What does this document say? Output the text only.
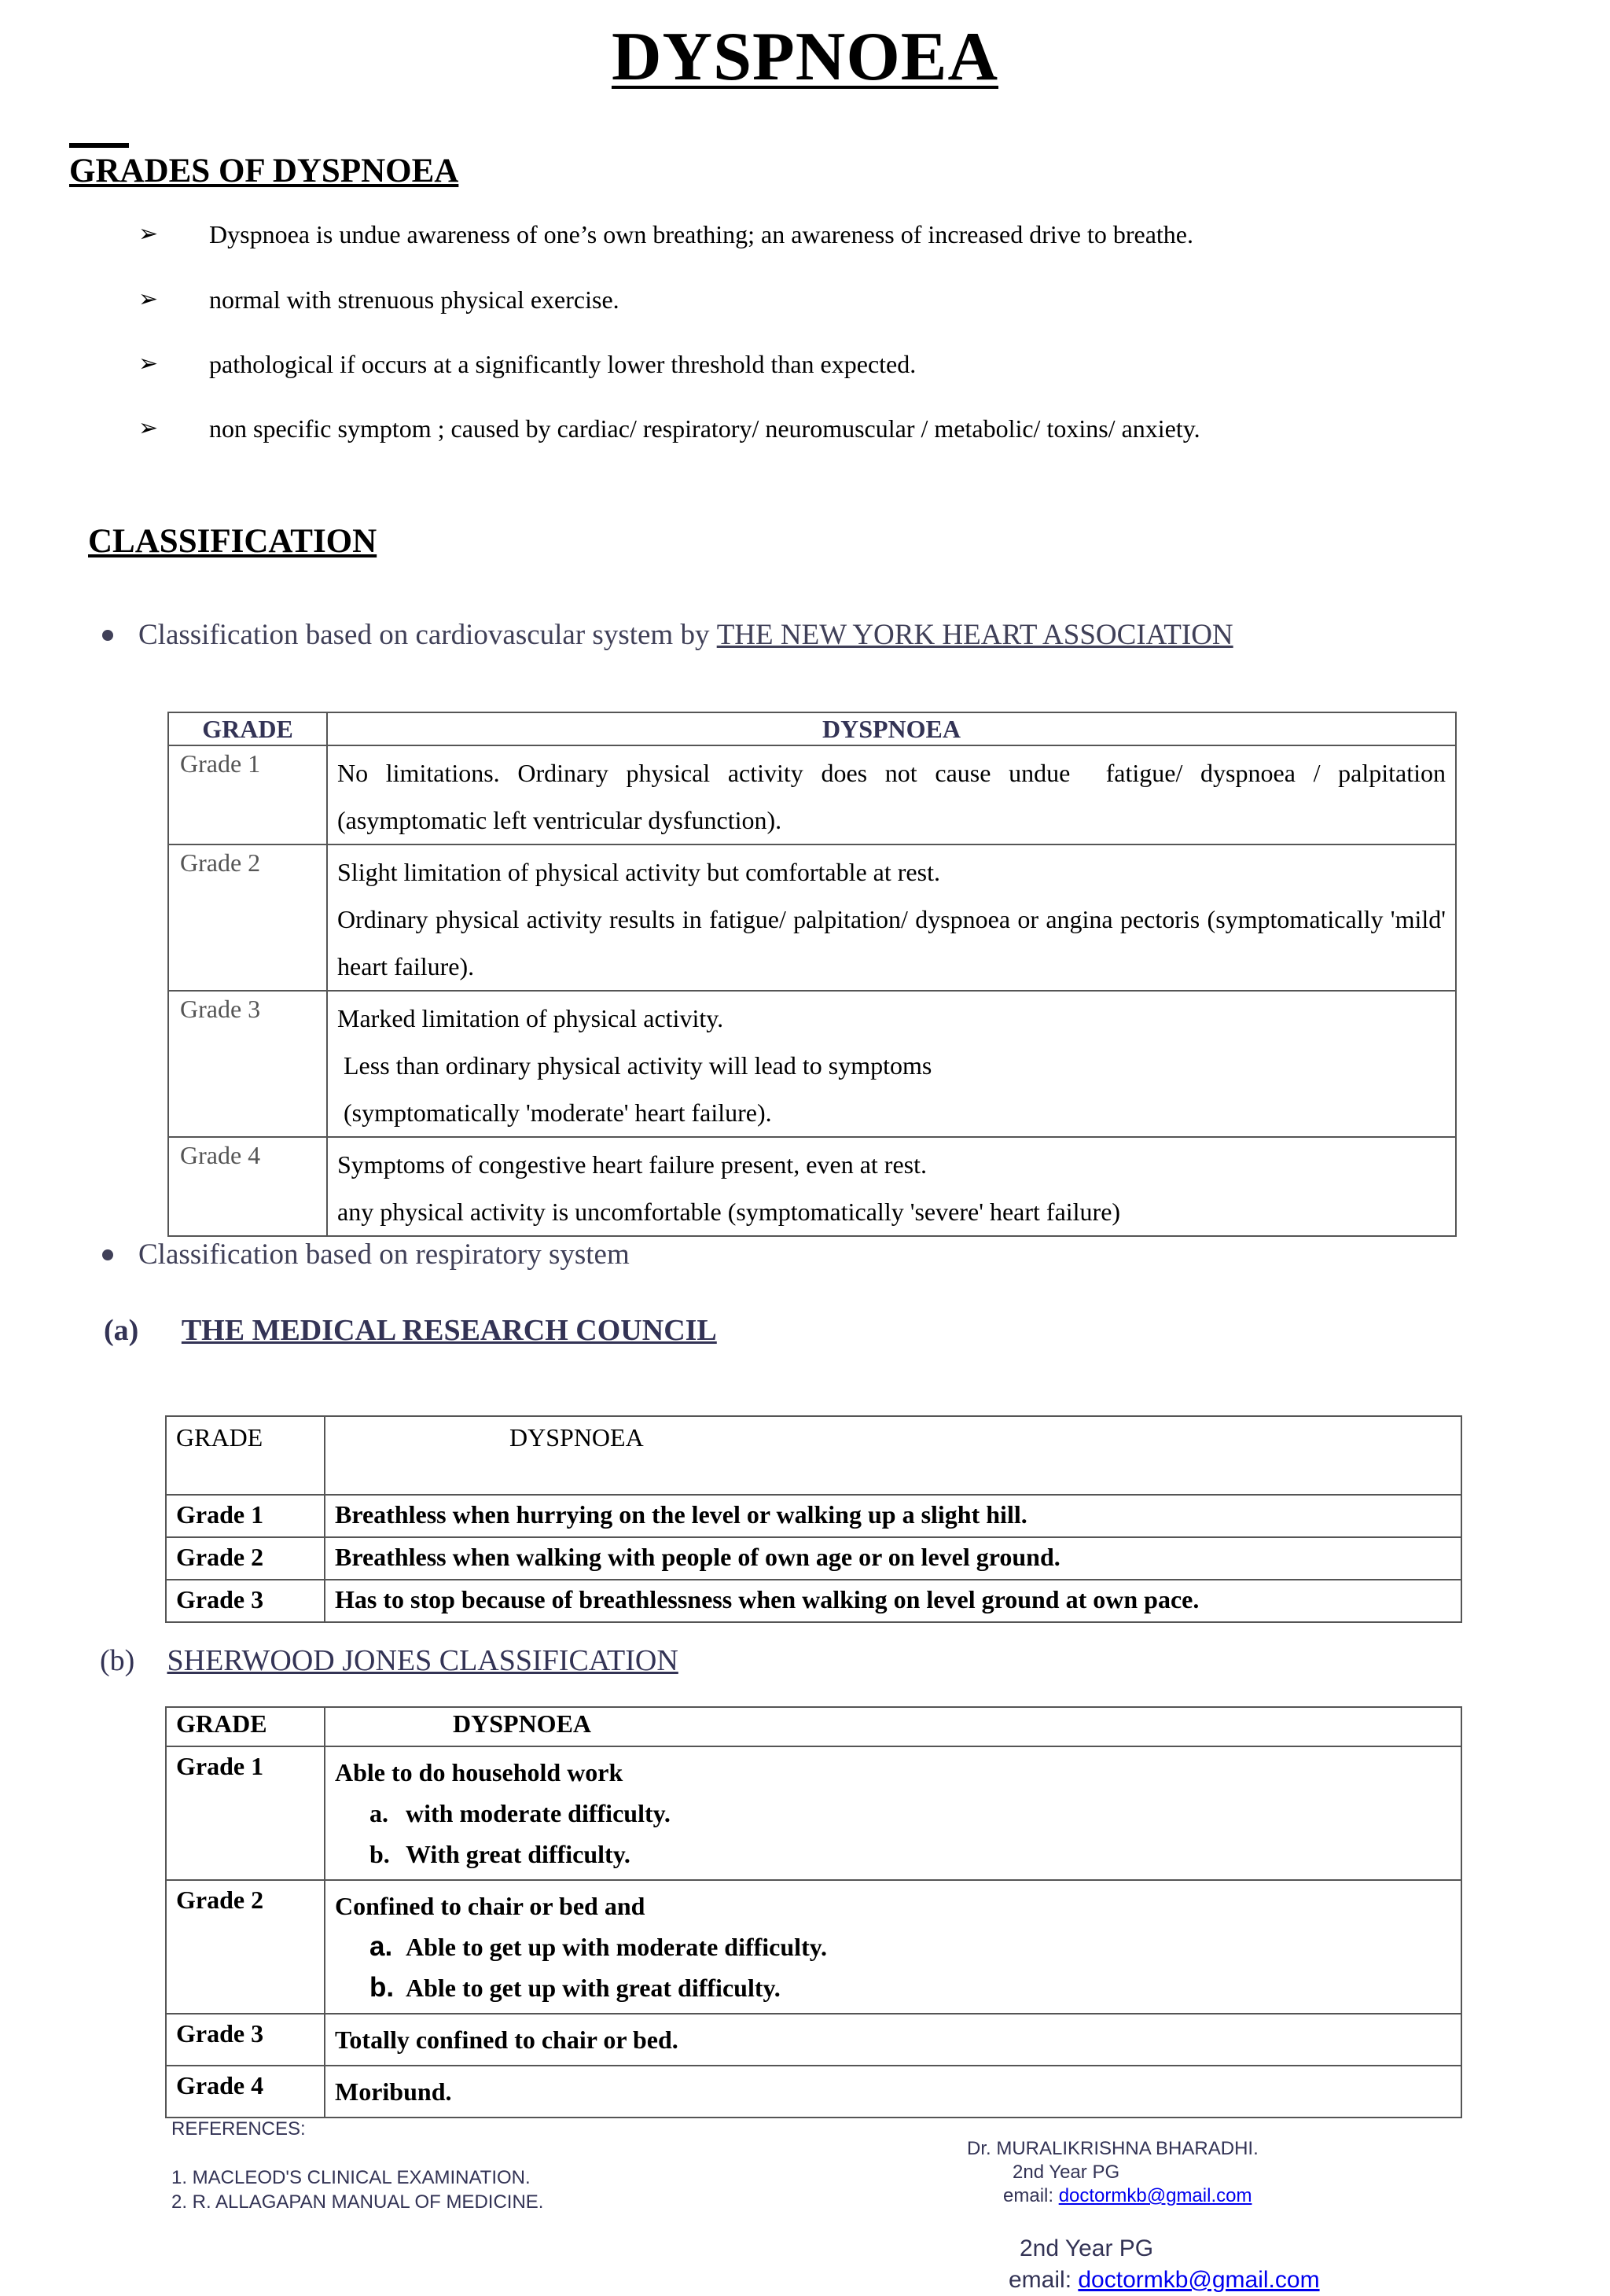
DYSPNOEA
GRADES OF DYSPNOEA
➢	Dyspnoea is undue awareness of one’s own breathing; an awareness of increased drive to breathe.
➢	normal with strenuous physical exercise.
➢	pathological if occurs at a significantly lower threshold than expected.
➢	non specific symptom ; caused by cardiac/ respiratory/ neuromuscular / metabolic/ toxins/ anxiety.
CLASSIFICATION
Classification based on cardiovascular system by THE NEW YORK HEART ASSOCIATION
GRADE	DYSPNOEA
Grade 1	No limitations. Ordinary physical activity does not cause undue  fatigue/ dyspnoea / palpitation (asymptomatic left ventricular dysfunction).

Grade 2	Slight limitation of physical activity but comfortable at rest.
Ordinary physical activity results in fatigue/ palpitation/ dyspnoea or angina pectoris (symptomatically 'mild' heart failure).

Grade 3	Marked limitation of physical activity.
Less than ordinary physical activity will lead to symptoms
(symptomatically 'moderate' heart failure).

Grade 4	Symptoms of congestive heart failure present, even at rest.
any physical activity is uncomfortable (symptomatically 'severe' heart failure)
Classification based on respiratory system
(a) THE MEDICAL RESEARCH COUNCIL
GRADE	DYSPNOEA
Grade 1	Breathless when hurrying on the level or walking up a slight hill.
Grade 2	Breathless when walking with people of own age or on level ground.
Grade 3	Has to stop because of breathlessness when walking on level ground at own pace.
(b) SHERWOOD JONES CLASSIFICATION
GRADE	DYSPNOEA
Grade 1	Able to do household work
a. with moderate difficulty.
b. With great difficulty.

Grade 2	Confined to chair or bed and
a. Able to get up with moderate difficulty.
b. Able to get up with great difficulty.

Grade 3	Totally confined to chair or bed.

Grade 4	Moribund.
REFERENCES:
1. MACLEOD'S CLINICAL EXAMINATION.
2. R. ALLAGAPAN MANUAL OF MEDICINE.
Dr. MURALIKRISHNA BHARADHI.
2nd Year PG
email: doctormkb@gmail.com
2nd Year PG
email: doctormkb@gmail.com
